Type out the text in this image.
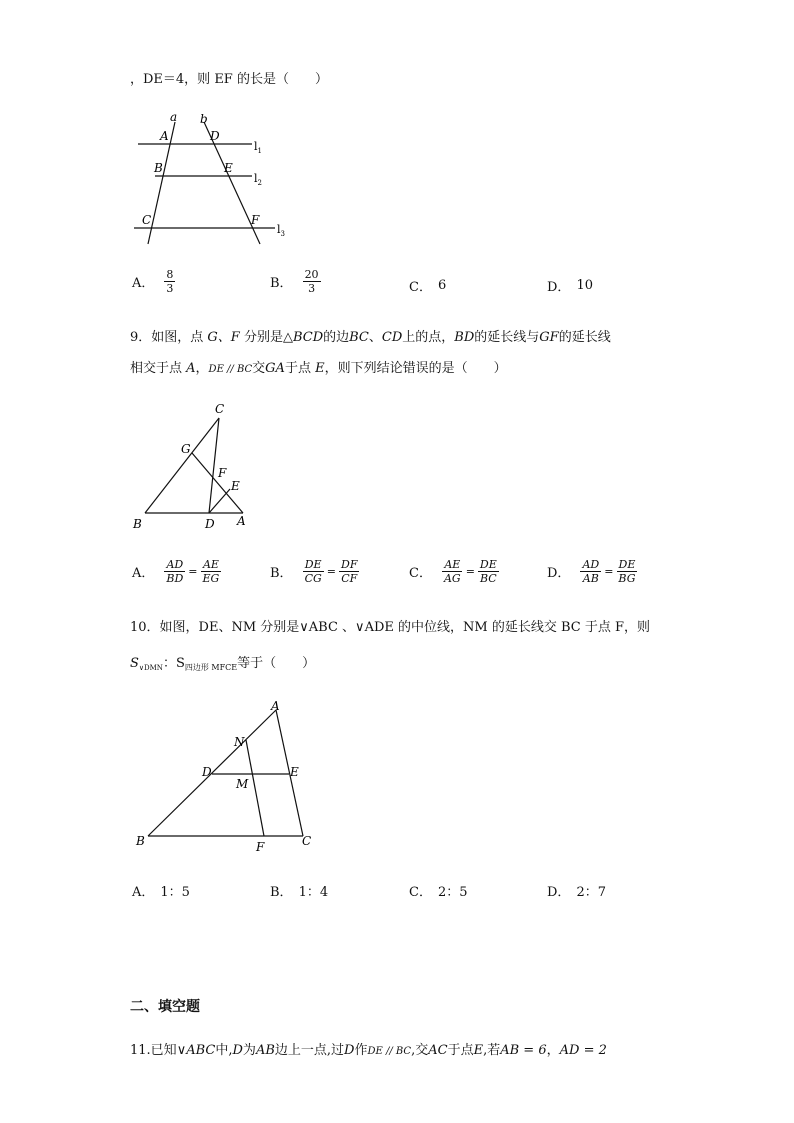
，DE＝4，则 EF 的长是（　　）
a b
A
B
C
D
E
F
$l_1$
$l_2$
$l_3$
A． $\frac{8}{3}$	B． $\frac{20}{3}$	C． 6	D． 10
9．如图，点 G、F 分别是△BCD的边BC、CD上的点，BD的延长线与GF的延长线
相交于点 A，DE // BC交GA于点 E，则下列结论错误的是（　　）
C
G
F
E
B	D A
A． $\frac{AD}{BD} = \frac{AE}{EG}$	B． $\frac{DE}{CG} = \frac{DF}{CF}$	C． $\frac{AE}{AG} = \frac{DE}{BC}$	D． $\frac{AD}{AB} = \frac{DE}{BG}$
10．如图，DE、NM 分别是∨ABC 、∨ADE 的中位线，NM 的延长线交 BC 于点 F，则
$S_{\vee DMN}$：$S_{四边形 MFCE}$等于（　　）
A
N
D	E
M
B	F	C
A． 1：5	B． 1：4	C． 2：5	D． 2：7
二、填空题
11.已知∨ABC中,D为AB边上一点,过D作DE // BC,交AC于点E,若AB = 6，AD = 2
